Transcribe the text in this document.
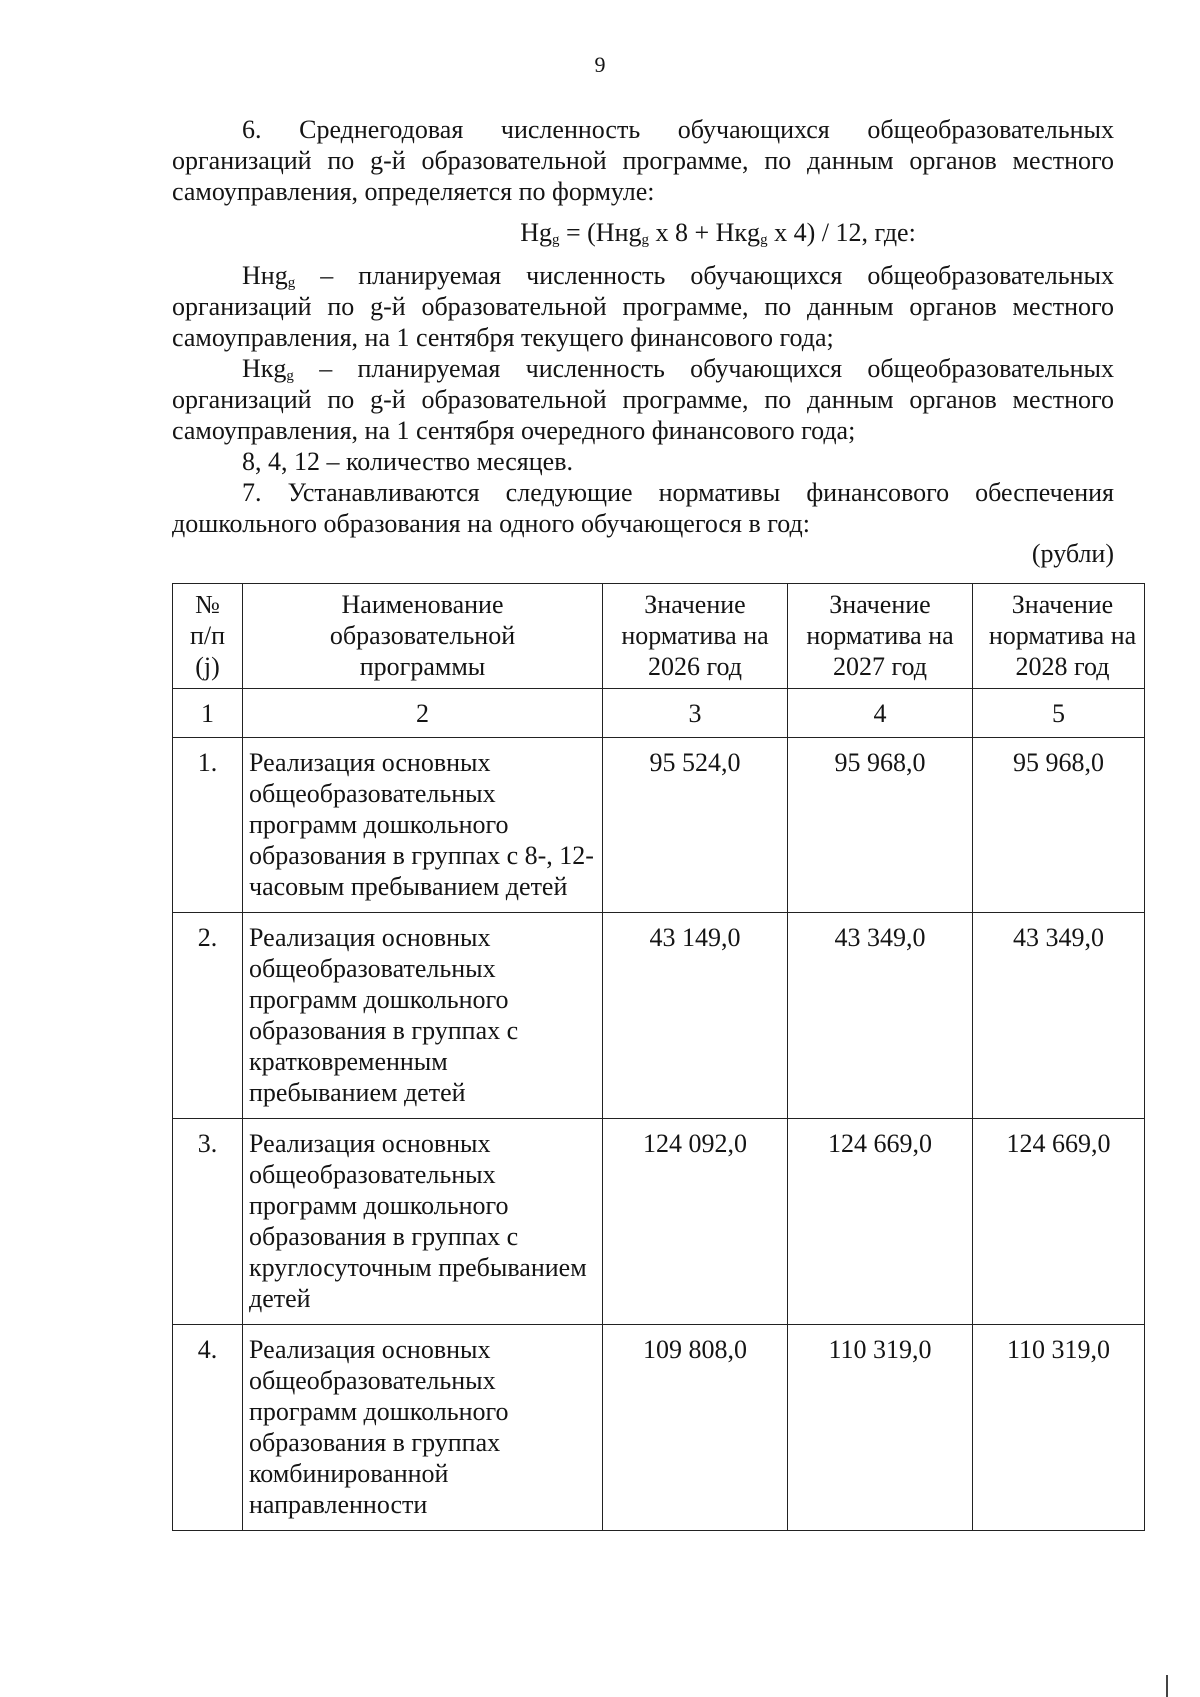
9

6. Среднегодовая численность обучающихся общеобразовательных организаций по g-й образовательной программе, по данным органов местного самоуправления, определяется по формуле:

$Нg_g = (Ннg_g$ х 8 + Нкg$_g$ х 4) / 12, где:

Ннg$_g$ – планируемая численность обучающихся общеобразовательных организаций по g-й образовательной программе, по данным органов местного самоуправления, на 1 сентября текущего финансового года;

Нкg$_g$ – планируемая численность обучающихся общеобразовательных организаций по g-й образовательной программе, по данным органов местного самоуправления, на 1 сентября очередного финансового года;

8, 4, 12 – количество месяцев.

7. Устанавливаются следующие нормативы финансового обеспечения дошкольного образования на одного обучающегося в год:

(рубли)

№
п/п
(j)	Наименование образовательной программы	Значение норматива на 2026 год	Значение норматива на 2027 год	Значение норматива на 2028 год
1	2	3	4	5
1.	Реализация основных общеобразовательных программ дошкольного образования в группах с 8-, 12-часовым пребыванием детей	95 524,0	95 968,0	95 968,0
2.	Реализация основных общеобразовательных программ дошкольного образования в группах с кратковременным пребыванием детей	43 149,0	43 349,0	43 349,0
3.	Реализация основных общеобразовательных программ дошкольного образования в группах с круглосуточным пребыванием детей	124 092,0	124 669,0	124 669,0
4.	Реализация основных общеобразовательных программ дошкольного образования в группах комбинированной направленности	109 808,0	110 319,0	110 319,0
